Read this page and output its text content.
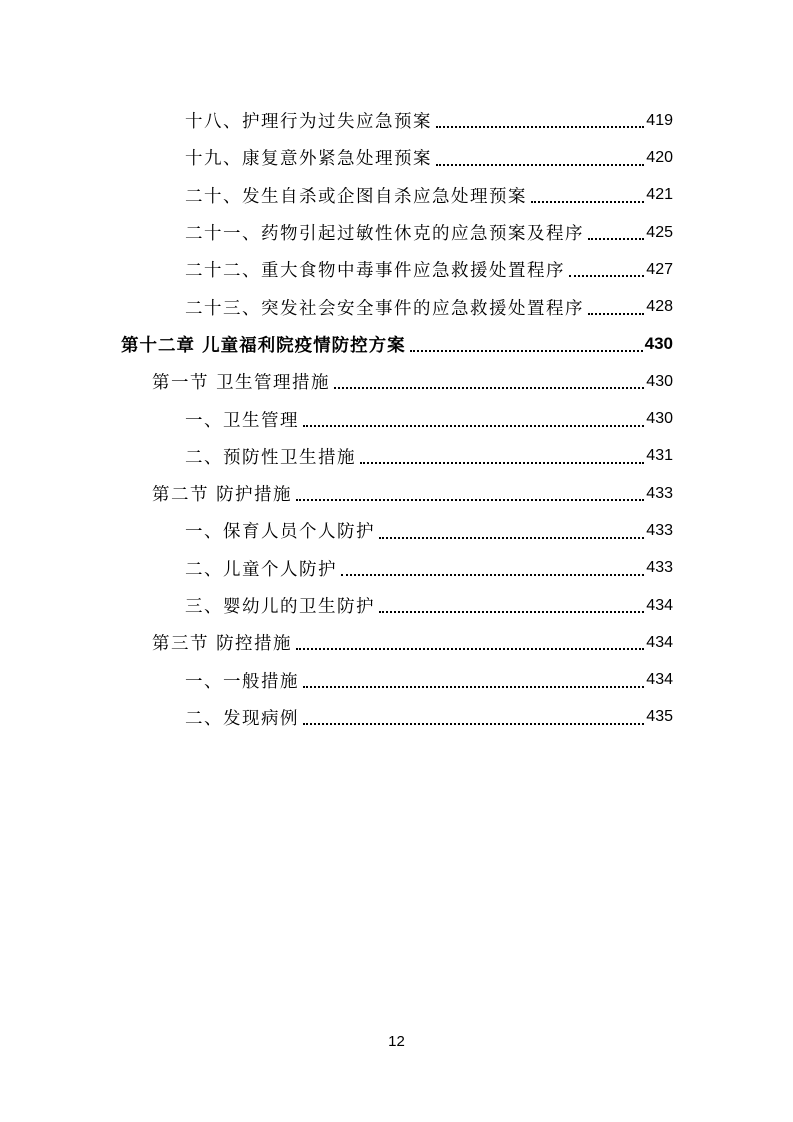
十八、护理行为过失应急预案	419
十九、康复意外紧急处理预案	420
二十、发生自杀或企图自杀应急处理预案	421
二十一、药物引起过敏性休克的应急预案及程序	425
二十二、重大食物中毒事件应急救援处置程序	427
二十三、突发社会安全事件的应急救援处置程序	428
第十二章 儿童福利院疫情防控方案	430
第一节 卫生管理措施	430
一、卫生管理	430
二、预防性卫生措施	431
第二节 防护措施	433
一、保育人员个人防护	433
二、儿童个人防护	433
三、婴幼儿的卫生防护	434
第三节 防控措施	434
一、一般措施	434
二、发现病例	435
12
